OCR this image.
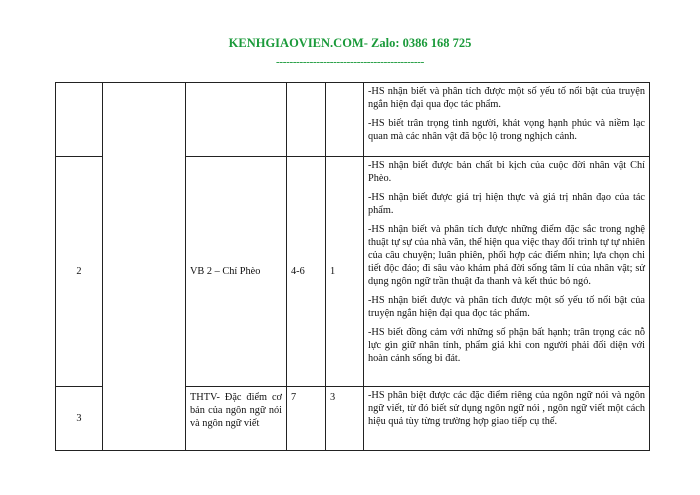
KENHGIAOVIEN.COM- Zalo: 0386 168 725
--------------------------------------------

					-HS nhận biết và phân tích được một số yếu tố nổi bật của truyện ngắn hiện đại qua đọc tác phẩm.

-HS biết trân trọng tình người, khát vọng hạnh phúc và niềm lạc quan mà các nhân vật đã bộc lộ trong nghịch cảnh.

2		VB 2 – Chí Phèo	4-6	1	-HS nhận biết được bản chất bi kịch của cuộc đời nhân vật Chí Phèo.

-HS nhận biết được giá trị hiện thực và giá trị nhân đạo của tác phẩm.

-HS nhận biết và phân tích được những điểm đặc sắc trong nghệ thuật tự sự của nhà văn, thể hiện qua việc thay đổi trình tự tự nhiên của câu chuyện; luân phiên, phối hợp các điểm nhìn; lựa chọn chi tiết độc đáo; đi sâu vào khám phá đời sống tâm lí của nhân vật; sử dụng ngôn ngữ trần thuật đa thanh và kết thúc bỏ ngỏ.

-HS nhận biết được và phân tích được một số yếu tố nổi bật của truyện ngắn hiện đại qua đọc tác phẩm.

-HS biết đồng cảm với những số phận bất hạnh; trân trọng các nỗ lực gìn giữ nhân tính, phẩm giá khi con người phải đối diện với hoàn cảnh sống bi đát.

3		THTV- Đặc điểm cơ bản của ngôn ngữ nói và ngôn ngữ viết	7	3	-HS phân biệt được các đặc điểm riêng của ngôn ngữ nói và ngôn ngữ viết, từ đó biết sử dụng ngôn ngữ nói , ngôn ngữ viết một cách hiệu quả tùy từng trường hợp giao tiếp cụ thể.
